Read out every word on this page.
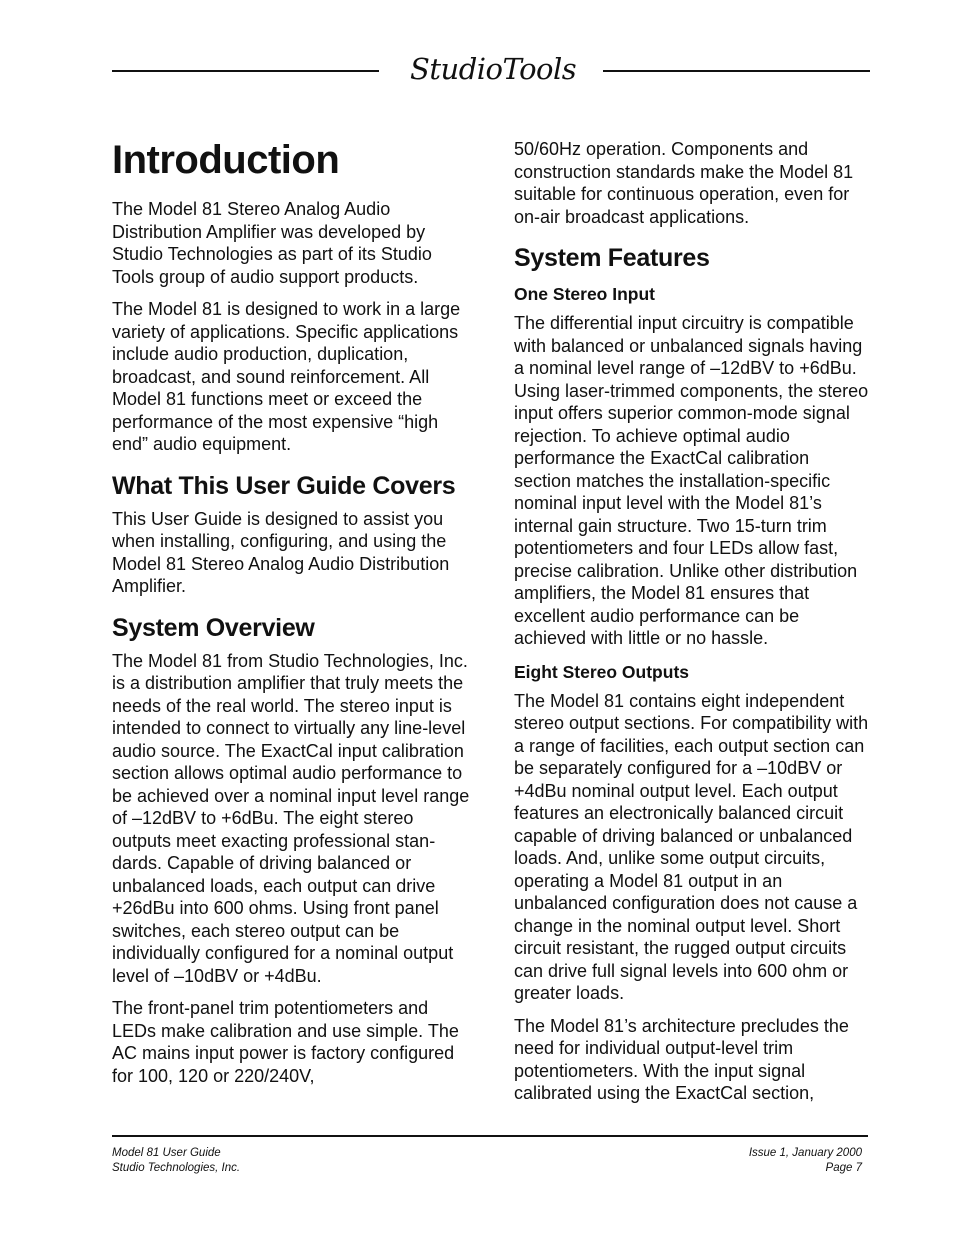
StudioTools
Introduction

The Model 81 Stereo Analog Audio Distribution Amplifier was developed by Studio Technologies as part of its Studio Tools group of audio support products.

The Model 81 is designed to work in a large variety of applications. Specific applications include audio production, duplication, broadcast, and sound reinforcement. All Model 81 functions meet or exceed the performance of the most expensive “high end” audio equipment.

What This User Guide Covers

This User Guide is designed to assist you when installing, configuring, and using the Model 81 Stereo Analog Audio Distribution Amplifier.

System Overview

The Model 81 from Studio Technologies, Inc. is a distribution amplifier that truly meets the needs of the real world. The stereo input is intended to connect to virtually any line-level audio source. The ExactCal input calibration section allows optimal audio performance to be achieved over a nominal input level range of –12dBV to +6dBu. The eight stereo outputs meet exacting professional standards. Capable of driving balanced or unbalanced loads, each output can drive +26dBu into 600 ohms. Using front panel switches, each stereo output can be individually configured for a nominal output level of –10dBV or +4dBu.

The front-panel trim potentiometers and LEDs make calibration and use simple. The AC mains input power is factory configured for 100, 120 or 220/240V,

50/60Hz operation. Components and construction standards make the Model 81 suitable for continuous operation, even for on-air broadcast applications.

System Features
One Stereo Input

The differential input circuitry is compatible with balanced or unbalanced signals having a nominal level range of –12dBV to +6dBu. Using laser-trimmed components, the stereo input offers superior common-mode signal rejection. To achieve optimal audio performance the ExactCal calibration section matches the installation-specific nominal input level with the Model 81’s internal gain structure. Two 15-turn trim potentiometers and four LEDs allow fast, precise calibration. Unlike other distribution amplifiers, the Model 81 ensures that excellent audio performance can be achieved with little or no hassle.

Eight Stereo Outputs

The Model 81 contains eight independent stereo output sections. For compatibility with a range of facilities, each output section can be separately configured for a –10dBV or +4dBu nominal output level. Each output features an electronically balanced circuit capable of driving balanced or unbalanced loads. And, unlike some output circuits, operating a Model 81 output in an unbalanced configuration does not cause a change in the nominal output level. Short circuit resistant, the rugged output circuits can drive full signal levels into 600 ohm or greater loads.

The Model 81’s architecture precludes the need for individual output-level trim potentiometers. With the input signal calibrated using the ExactCal section,

Model 81 User Guide
Studio Technologies, Inc.
Issue 1, January 2000
Page 7
